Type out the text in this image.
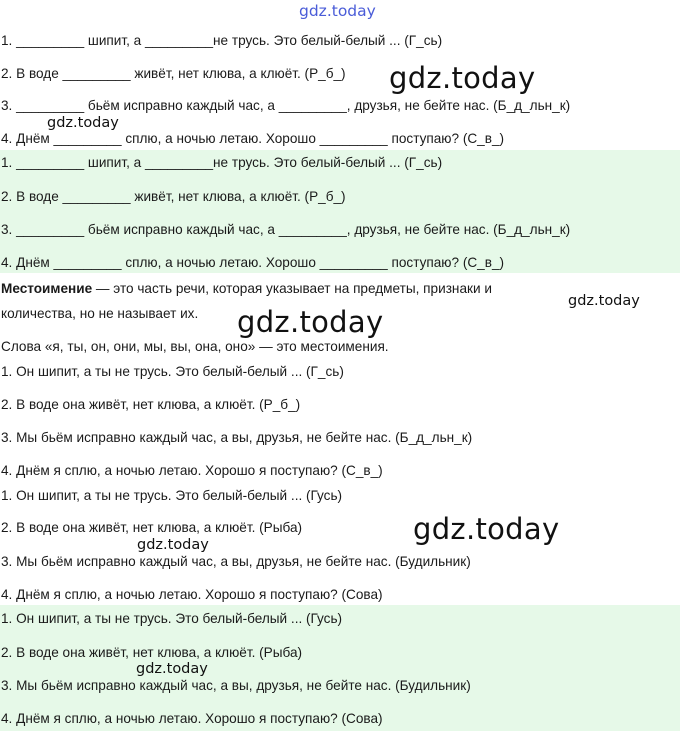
1. _________ шипит, а _________не трусь. Это белый-белый ... (Г_сь)
2. В воде _________ живёт, нет клюва, а клюёт. (Р_б_)
3. _________ бьём исправно каждый час, а _________, друзья, не бейте нас. (Б_д_льн_к)
4. Днём _________ сплю, а ночью летаю. Хорошо _________ поступаю? (С_в_)
1. _________ шипит, а _________не трусь. Это белый-белый ... (Г_сь)
2. В воде _________ живёт, нет клюва, а клюёт. (Р_б_)
3. _________ бьём исправно каждый час, а _________, друзья, не бейте нас. (Б_д_льн_к)
4. Днём _________ сплю, а ночью летаю. Хорошо _________ поступаю? (С_в_)
Местоимение — это часть речи, которая указывает на предметы, признаки и
количества, но не называет их.
Слова «я, ты, он, они, мы, вы, она, оно» — это местоимения.
1. Он шипит, а ты не трусь. Это белый-белый ... (Г_сь)
2. В воде она живёт, нет клюва, а клюёт. (Р_б_)
3. Мы бьём исправно каждый час, а вы, друзья, не бейте нас. (Б_д_льн_к)
4. Днём я сплю, а ночью летаю. Хорошо я поступаю? (С_в_)
1. Он шипит, а ты не трусь. Это белый-белый ... (Гусь)
2. В воде она живёт, нет клюва, а клюёт. (Рыба)
3. Мы бьём исправно каждый час, а вы, друзья, не бейте нас. (Будильник)
4. Днём я сплю, а ночью летаю. Хорошо я поступаю? (Сова)
1. Он шипит, а ты не трусь. Это белый-белый ... (Гусь)
2. В воде она живёт, нет клюва, а клюёт. (Рыба)
3. Мы бьём исправно каждый час, а вы, друзья, не бейте нас. (Будильник)
4. Днём я сплю, а ночью летаю. Хорошо я поступаю? (Сова)
gdz.today
gdz.today
gdz.today
gdz.today
gdz.today
gdz.today
gdz.today
gdz.today
